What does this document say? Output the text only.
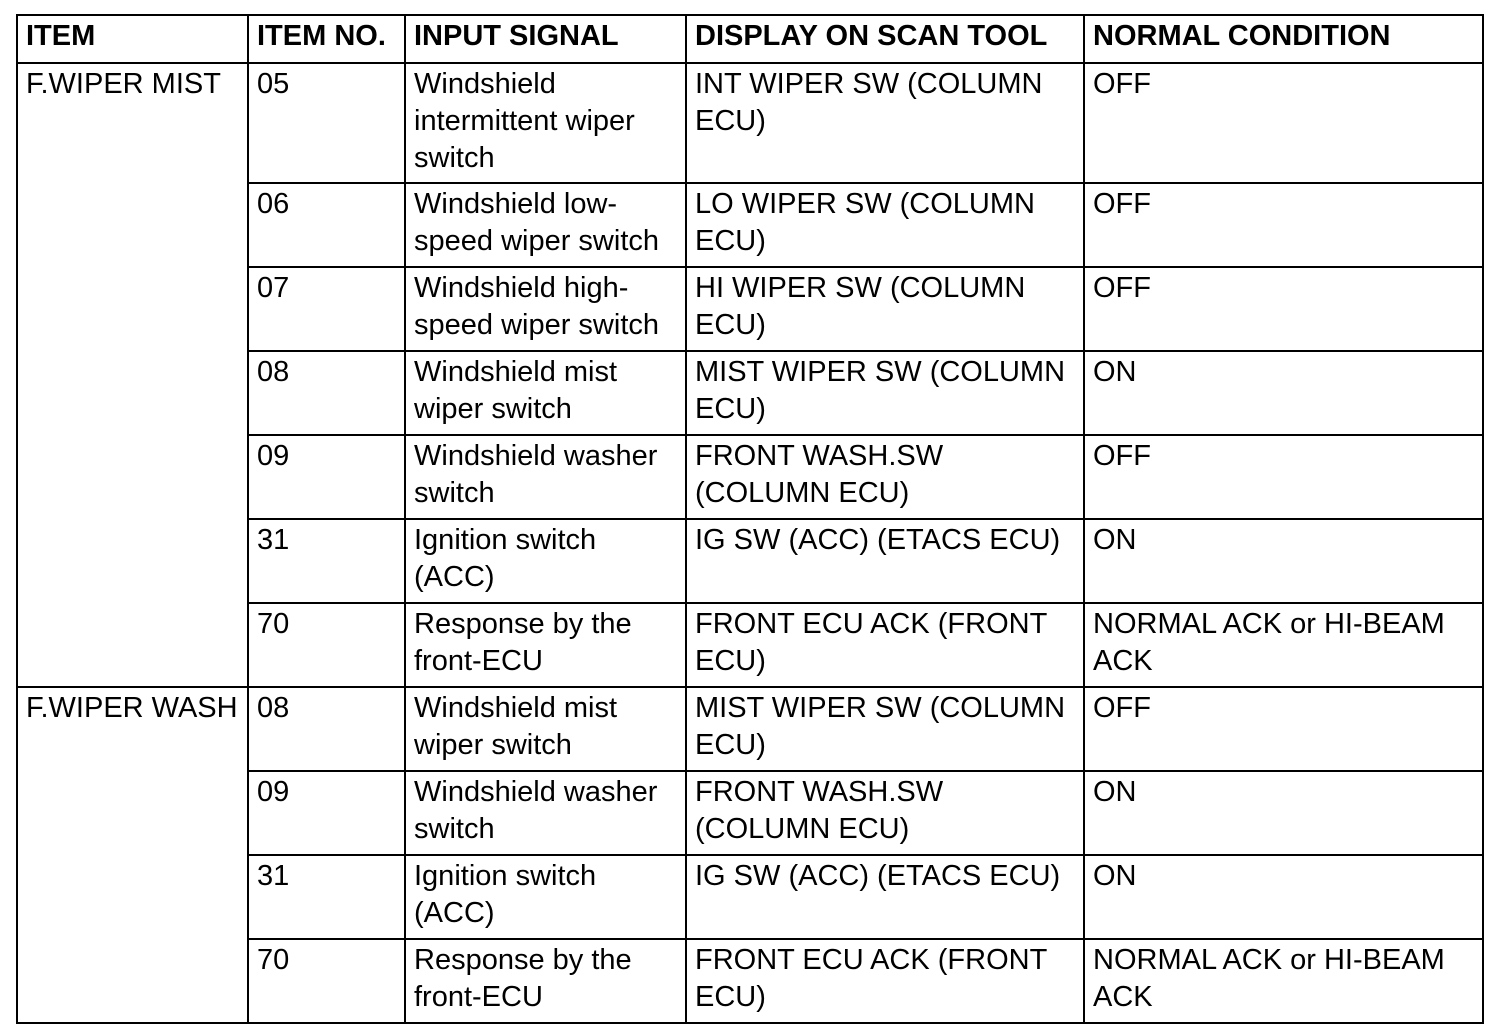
ITEM	ITEM NO.	INPUT SIGNAL	DISPLAY ON SCAN TOOL	NORMAL CONDITION
F.WIPER MIST	05	Windshield intermittent wiper switch	INT WIPER SW (COLUMN ECU)	OFF
	06	Windshield low-speed wiper switch	LO WIPER SW (COLUMN ECU)	OFF
	07	Windshield high-speed wiper switch	HI WIPER SW (COLUMN ECU)	OFF
	08	Windshield mist wiper switch	MIST WIPER SW (COLUMN ECU)	ON
	09	Windshield washer switch	FRONT WASH.SW (COLUMN ECU)	OFF
	31	Ignition switch (ACC)	IG SW (ACC) (ETACS ECU)	ON
	70	Response by the front-ECU	FRONT ECU ACK (FRONT ECU)	NORMAL ACK or HI-BEAM ACK
F.WIPER WASH	08	Windshield mist wiper switch	MIST WIPER SW (COLUMN ECU)	OFF
	09	Windshield washer switch	FRONT WASH.SW (COLUMN ECU)	ON
	31	Ignition switch (ACC)	IG SW (ACC) (ETACS ECU)	ON
	70	Response by the front-ECU	FRONT ECU ACK (FRONT ECU)	NORMAL ACK or HI-BEAM ACK
